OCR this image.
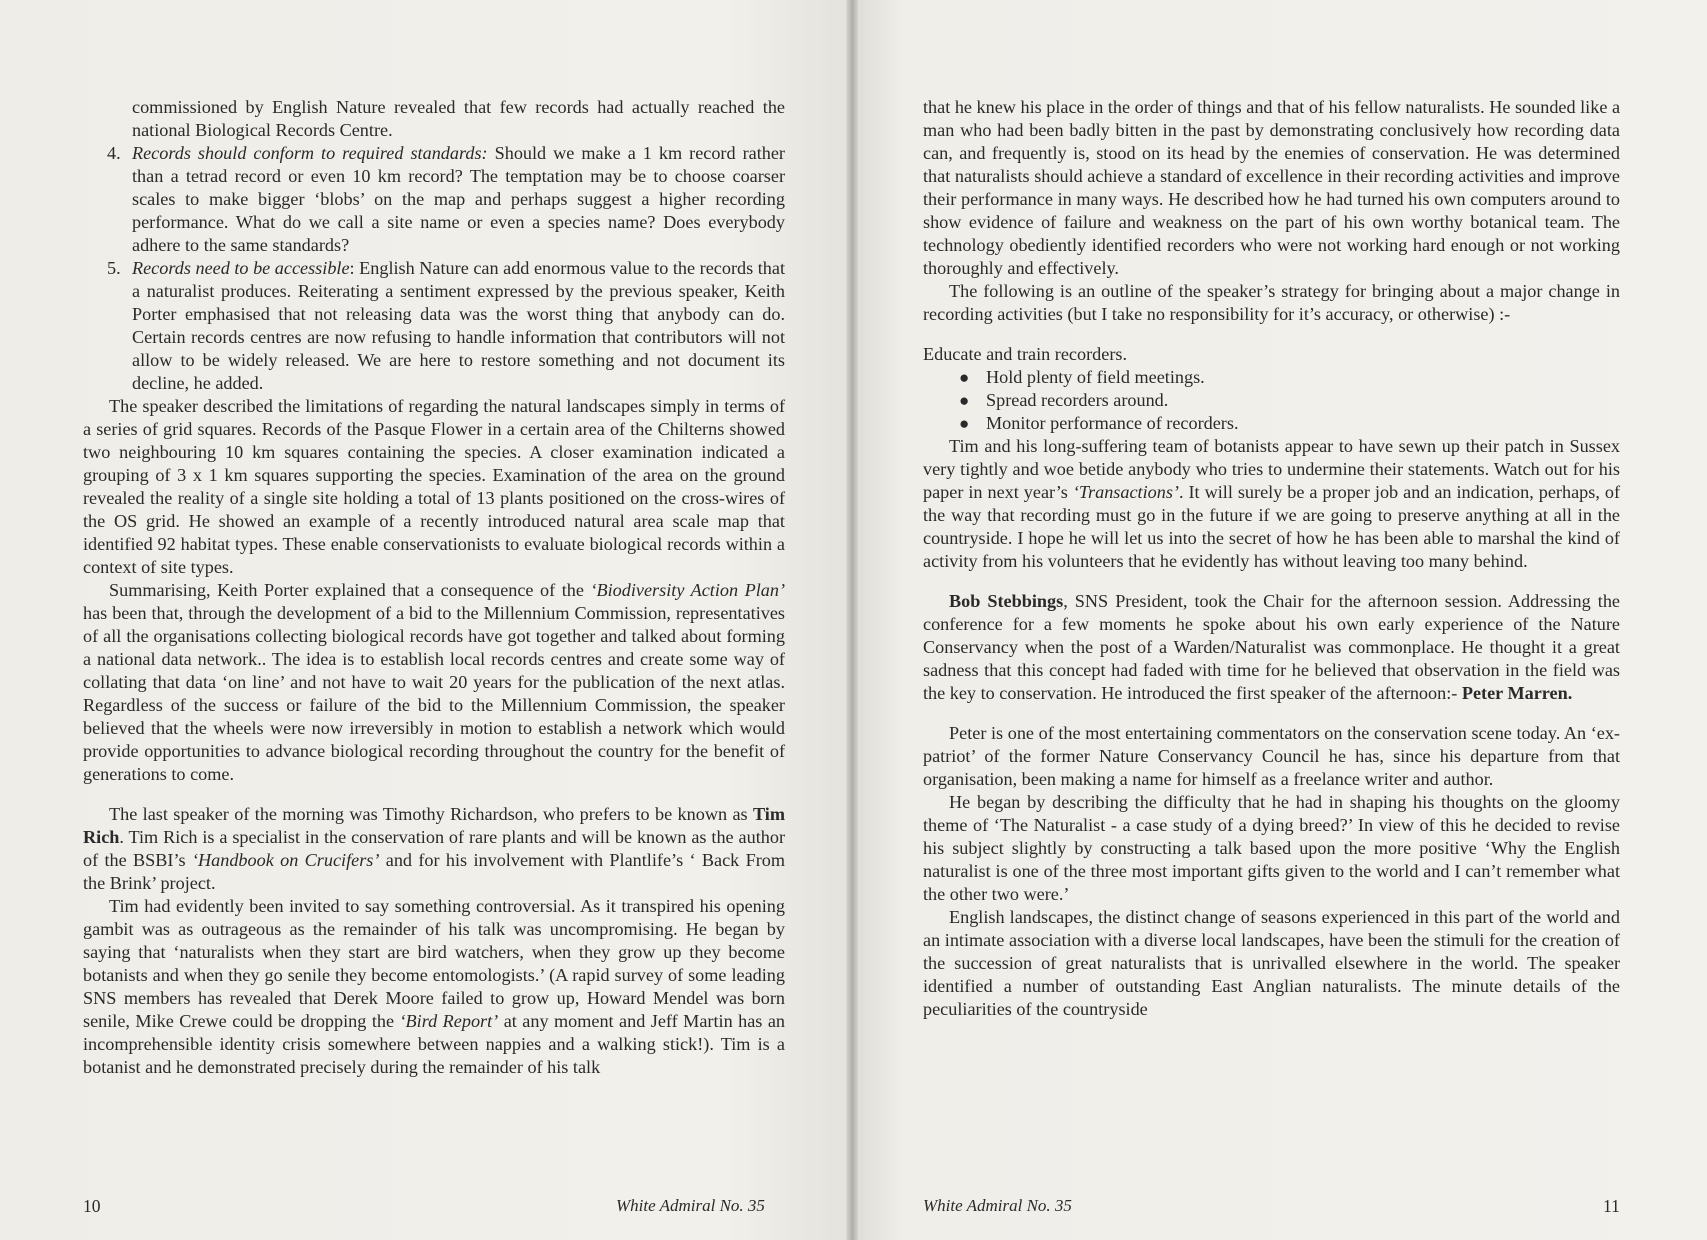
commissioned by English Nature revealed that few records had actually reached the national Biological Records Centre.
4. Records should conform to required standards: Should we make a 1 km record rather than a tetrad record or even 10 km record? The temptation may be to choose coarser scales to make bigger ‘blobs’ on the map and perhaps suggest a higher recording performance. What do we call a site name or even a species name? Does everybody adhere to the same standards?
5. Records need to be accessible: English Nature can add enormous value to the records that a naturalist produces. Reiterating a sentiment expressed by the previous speaker, Keith Porter emphasised that not releasing data was the worst thing that anybody can do. Certain records centres are now refusing to handle information that contributors will not allow to be widely released. We are here to restore something and not document its decline, he added.

The speaker described the limitations of regarding the natural landscapes simply in terms of a series of grid squares. Records of the Pasque Flower in a certain area of the Chilterns showed two neighbouring 10 km squares containing the species. A closer examination indicated a grouping of 3 x 1 km squares supporting the species. Examination of the area on the ground revealed the reality of a single site holding a total of 13 plants positioned on the cross-wires of the OS grid. He showed an example of a recently introduced natural area scale map that identified 92 habitat types. These enable conservationists to evaluate biological records within a context of site types.

Summarising, Keith Porter explained that a consequence of the ‘Biodiversity Action Plan’ has been that, through the development of a bid to the Millennium Commission, representatives of all the organisations collecting biological records have got together and talked about forming a national data network.. The idea is to establish local records centres and create some way of collating that data ‘on line’ and not have to wait 20 years for the publication of the next atlas. Regardless of the success or failure of the bid to the Millennium Commission, the speaker believed that the wheels were now irreversibly in motion to establish a network which would provide opportunities to advance biological recording throughout the country for the benefit of generations to come.

The last speaker of the morning was Timothy Richardson, who prefers to be known as Tim Rich. Tim Rich is a specialist in the conservation of rare plants and will be known as the author of the BSBI’s ‘Handbook on Crucifers’ and for his involvement with Plantlife’s ‘ Back From the Brink’ project.

Tim had evidently been invited to say something controversial. As it transpired his opening gambit was as outrageous as the remainder of his talk was uncompromising. He began by saying that ‘naturalists when they start are bird watchers, when they grow up they become botanists and when they go senile they become entomologists.’ (A rapid survey of some leading SNS members has revealed that Derek Moore failed to grow up, Howard Mendel was born senile, Mike Crewe could be dropping the ‘Bird Report’ at any moment and Jeff Martin has an incomprehensible identity crisis somewhere between nappies and a walking stick!). Tim is a botanist and he demonstrated precisely during the remainder of his talk

10	White Admiral No. 35

that he knew his place in the order of things and that of his fellow naturalists. He sounded like a man who had been badly bitten in the past by demonstrating conclusively how recording data can, and frequently is, stood on its head by the enemies of conservation. He was determined that naturalists should achieve a standard of excellence in their recording activities and improve their performance in many ways. He described how he had turned his own computers around to show evidence of failure and weakness on the part of his own worthy botanical team. The technology obediently identified recorders who were not working hard enough or not working thoroughly and effectively.

The following is an outline of the speaker’s strategy for bringing about a major change in recording activities (but I take no responsibility for it’s accuracy, or otherwise) :-

Educate and train recorders.

● Hold plenty of field meetings.
● Spread recorders around.
● Monitor performance of recorders.

Tim and his long-suffering team of botanists appear to have sewn up their patch in Sussex very tightly and woe betide anybody who tries to undermine their statements. Watch out for his paper in next year’s ‘Transactions’. It will surely be a proper job and an indication, perhaps, of the way that recording must go in the future if we are going to preserve anything at all in the countryside. I hope he will let us into the secret of how he has been able to marshal the kind of activity from his volunteers that he evidently has without leaving too many behind.

Bob Stebbings, SNS President, took the Chair for the afternoon session. Addressing the conference for a few moments he spoke about his own early experience of the Nature Conservancy when the post of a Warden/Naturalist was commonplace. He thought it a great sadness that this concept had faded with time for he believed that observation in the field was the key to conservation. He introduced the first speaker of the afternoon:- Peter Marren.

Peter is one of the most entertaining commentators on the conservation scene today. An ‘ex-patriot’ of the former Nature Conservancy Council he has, since his departure from that organisation, been making a name for himself as a freelance writer and author.

He began by describing the difficulty that he had in shaping his thoughts on the gloomy theme of ‘The Naturalist - a case study of a dying breed?’ In view of this he decided to revise his subject slightly by constructing a talk based upon the more positive ‘Why the English naturalist is one of the three most important gifts given to the world and I can’t remember what the other two were.’

English landscapes, the distinct change of seasons experienced in this part of the world and an intimate association with a diverse local landscapes, have been the stimuli for the creation of the succession of great naturalists that is unrivalled elsewhere in the world. The speaker identified a number of outstanding East Anglian naturalists. The minute details of the peculiarities of the countryside

White Admiral No. 35	11
